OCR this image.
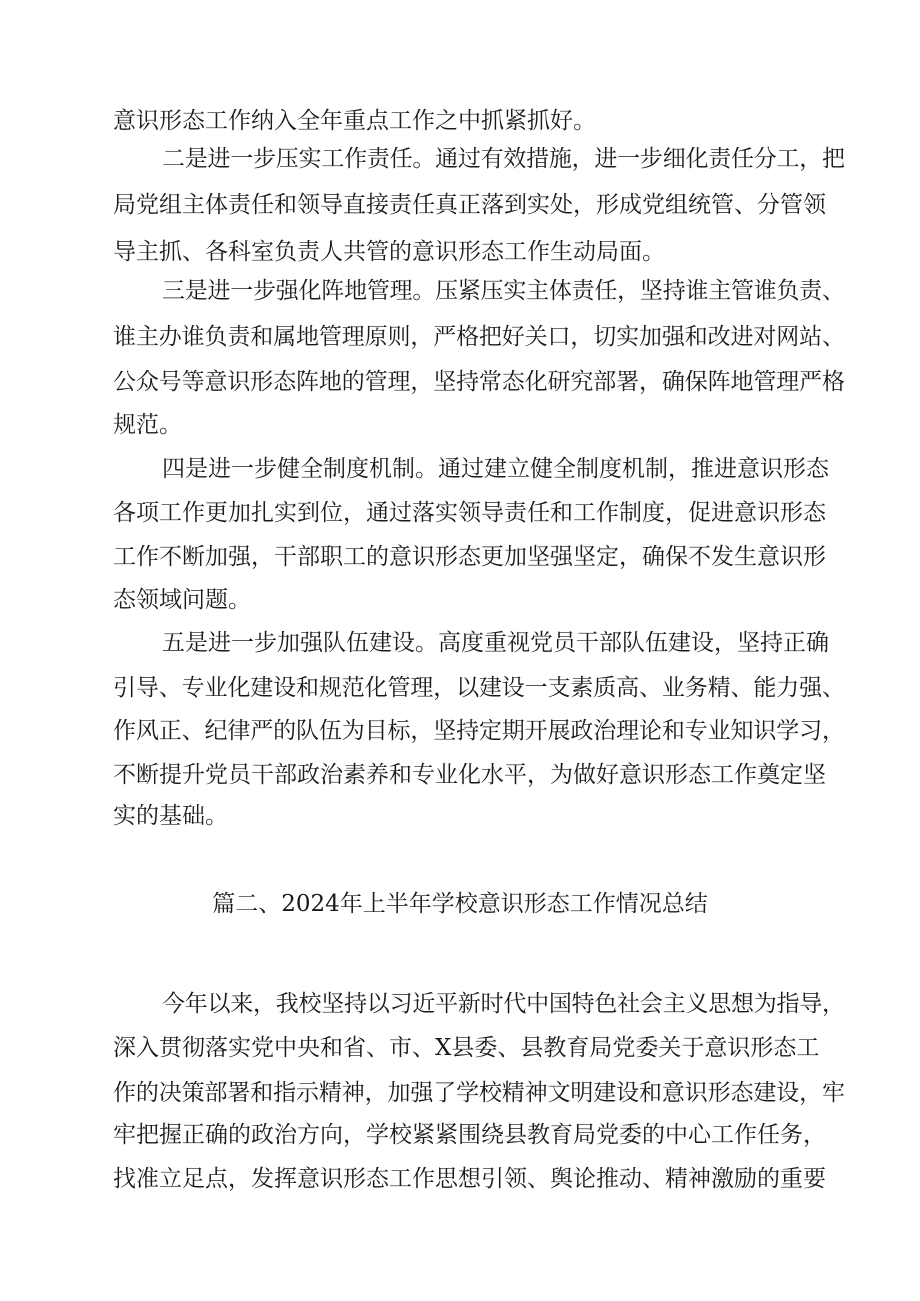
意识形态工作纳入全年重点工作之中抓紧抓好。

二是进一步压实工作责任。通过有效措施，进一步细化责任分工，把

局党组主体责任和领导直接责任真正落到实处，形成党组统管、分管领

导主抓、各科室负责人共管的意识形态工作生动局面。

三是进一步强化阵地管理。压紧压实主体责任，坚持谁主管谁负责、

谁主办谁负责和属地管理原则，严格把好关口，切实加强和改进对网站、

公众号等意识形态阵地的管理，坚持常态化研究部署，确保阵地管理严格

规范。

四是进一步健全制度机制。通过建立健全制度机制，推进意识形态

各项工作更加扎实到位，通过落实领导责任和工作制度，促进意识形态

工作不断加强，干部职工的意识形态更加坚强坚定，确保不发生意识形

态领域问题。

五是进一步加强队伍建设。高度重视党员干部队伍建设，坚持正确

引导、专业化建设和规范化管理，以建设一支素质高、业务精、能力强、

作风正、纪律严的队伍为目标，坚持定期开展政治理论和专业知识学习，

不断提升党员干部政治素养和专业化水平，为做好意识形态工作奠定坚

实的基础。

篇二、2024年上半年学校意识形态工作情况总结

今年以来，我校坚持以习近平新时代中国特色社会主义思想为指导，

深入贯彻落实党中央和省、市、X县委、县教育局党委关于意识形态工

作的决策部署和指示精神，加强了学校精神文明建设和意识形态建设，牢

牢把握正确的政治方向，学校紧紧围绕县教育局党委的中心工作任务，

找准立足点，发挥意识形态工作思想引领、舆论推动、精神激励的重要
